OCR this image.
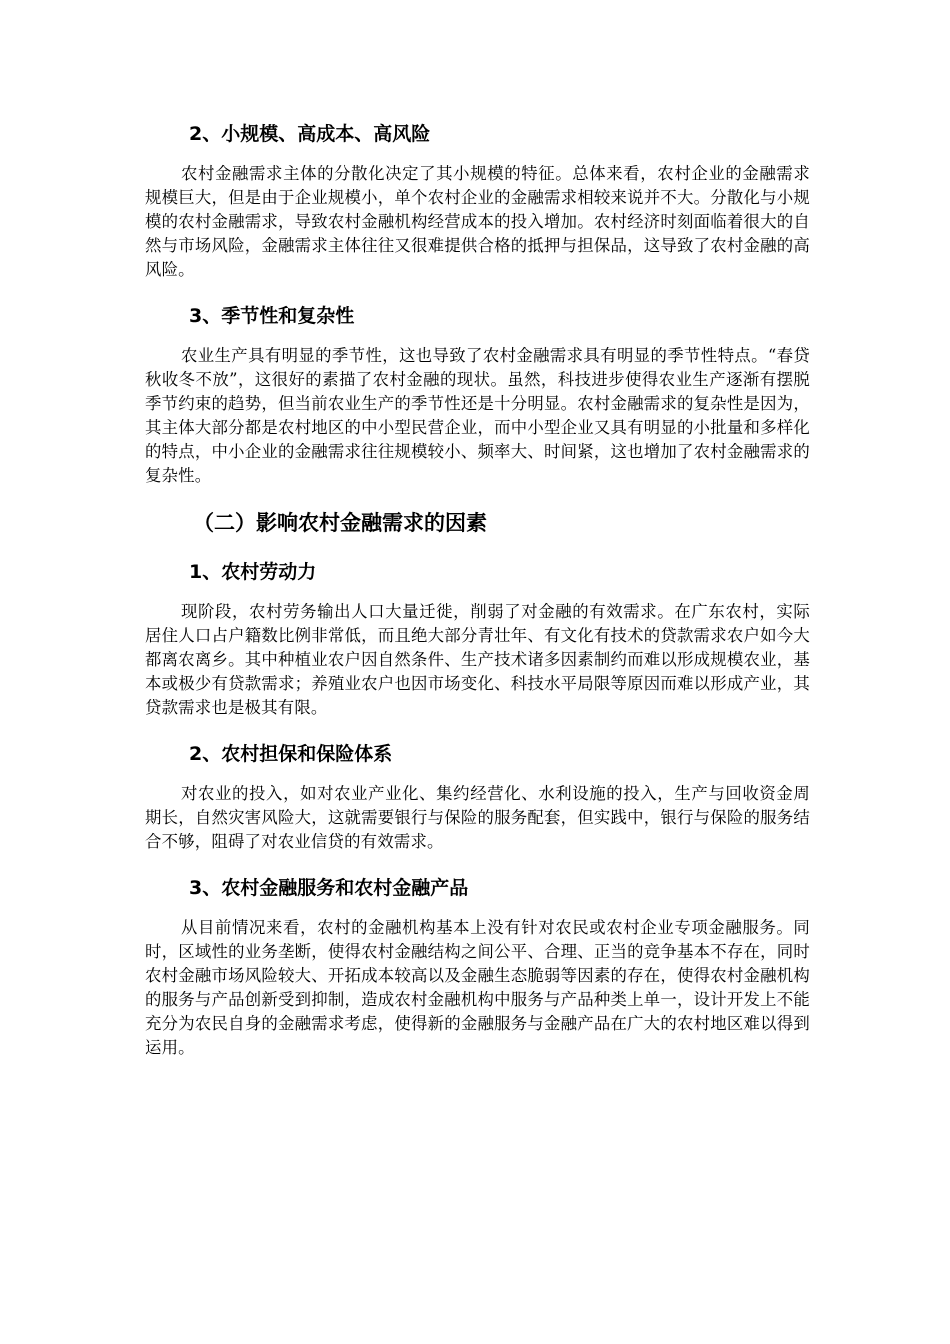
2、小规模、高成本、高风险

农村金融需求主体的分散化决定了其小规模的特征。总体来看，农村企业的金融需求规模巨大，但是由于企业规模小，单个农村企业的金融需求相较来说并不大。分散化与小规模的农村金融需求，导致农村金融机构经营成本的投入增加。农村经济时刻面临着很大的自然与市场风险，金融需求主体往往又很难提供合格的抵押与担保品，这导致了农村金融的高风险。

3、季节性和复杂性

农业生产具有明显的季节性，这也导致了农村金融需求具有明显的季节性特点。“春贷秋收冬不放”，这很好的素描了农村金融的现状。虽然，科技进步使得农业生产逐渐有摆脱季节约束的趋势，但当前农业生产的季节性还是十分明显。农村金融需求的复杂性是因为，其主体大部分都是农村地区的中小型民营企业，而中小型企业又具有明显的小批量和多样化的特点，中小企业的金融需求往往规模较小、频率大、时间紧，这也增加了农村金融需求的复杂性。

（二）影响农村金融需求的因素
1、农村劳动力

现阶段，农村劳务输出人口大量迁徙，削弱了对金融的有效需求。在广东农村，实际居住人口占户籍数比例非常低，而且绝大部分青壮年、有文化有技术的贷款需求农户如今大都离农离乡。其中种植业农户因自然条件、生产技术诸多因素制约而难以形成规模农业，基本或极少有贷款需求；养殖业农户也因市场变化、科技水平局限等原因而难以形成产业，其贷款需求也是极其有限。

2、农村担保和保险体系

对农业的投入，如对农业产业化、集约经营化、水利设施的投入，生产与回收资金周期长，自然灾害风险大，这就需要银行与保险的服务配套，但实践中，银行与保险的服务结合不够，阻碍了对农业信贷的有效需求。

3、农村金融服务和农村金融产品

从目前情况来看，农村的金融机构基本上没有针对农民或农村企业专项金融服务。同时，区域性的业务垄断，使得农村金融结构之间公平、合理、正当的竞争基本不存在，同时农村金融市场风险较大、开拓成本较高以及金融生态脆弱等因素的存在，使得农村金融机构的服务与产品创新受到抑制，造成农村金融机构中服务与产品种类上单一，设计开发上不能充分为农民自身的金融需求考虑，使得新的金融服务与金融产品在广大的农村地区难以得到运用。
